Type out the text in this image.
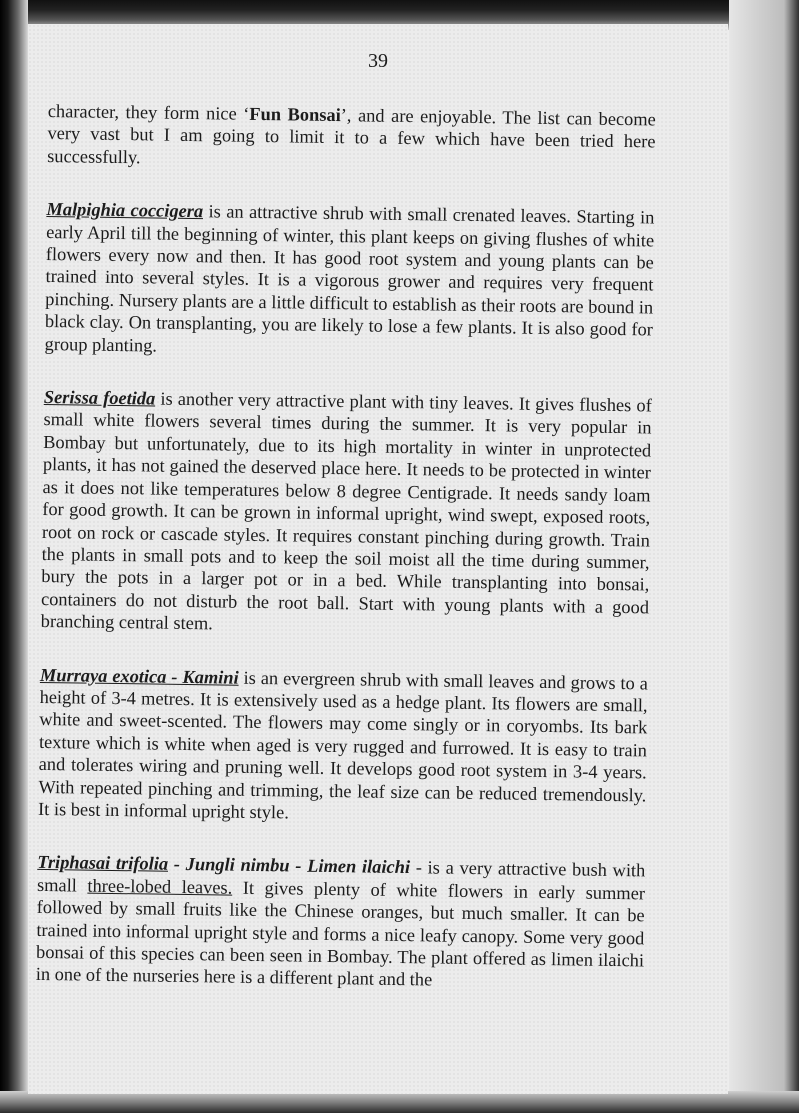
39

character, they form nice ‘Fun Bonsai’, and are enjoyable. The list can become very vast but I am going to limit it to a few which have been tried here successfully.

Malpighia coccigera is an attractive shrub with small crenated leaves. Starting in early April till the beginning of winter, this plant keeps on giving flushes of white flowers every now and then. It has good root system and young plants can be trained into several styles. It is a vigorous grower and requires very frequent pinching. Nursery plants are a little difficult to establish as their roots are bound in black clay. On transplanting, you are likely to lose a few plants. It is also good for group planting.

Serissa foetida is another very attractive plant with tiny leaves. It gives flushes of small white flowers several times during the summer. It is very popular in Bombay but unfortunately, due to its high mortality in winter in unprotected plants, it has not gained the deserved place here. It needs to be protected in winter as it does not like temperatures below 8 degree Centigrade. It needs sandy loam for good growth. It can be grown in informal upright, wind swept, exposed roots, root on rock or cascade styles. It requires constant pinching during growth. Train the plants in small pots and to keep the soil moist all the time during summer, bury the pots in a larger pot or in a bed. While transplanting into bonsai, containers do not disturb the root ball. Start with young plants with a good branching central stem.

Murraya exotica - Kamini is an evergreen shrub with small leaves and grows to a height of 3-4 metres. It is extensively used as a hedge plant. Its flowers are small, white and sweet-scented. The flowers may come singly or in coryombs. Its bark texture which is white when aged is very rugged and furrowed. It is easy to train and tolerates wiring and pruning well. It develops good root system in 3-4 years. With repeated pinching and trimming, the leaf size can be reduced tremendously. It is best in informal upright style.

Triphasai trifolia - Jungli nimbu - Limen ilaichi - is a very attractive bush with small three-lobed leaves. It gives plenty of white flowers in early summer followed by small fruits like the Chinese oranges, but much smaller. It can be trained into informal upright style and forms a nice leafy canopy. Some very good bonsai of this species can been seen in Bombay. The plant offered as limen ilaichi in one of the nurseries here is a different plant and the
